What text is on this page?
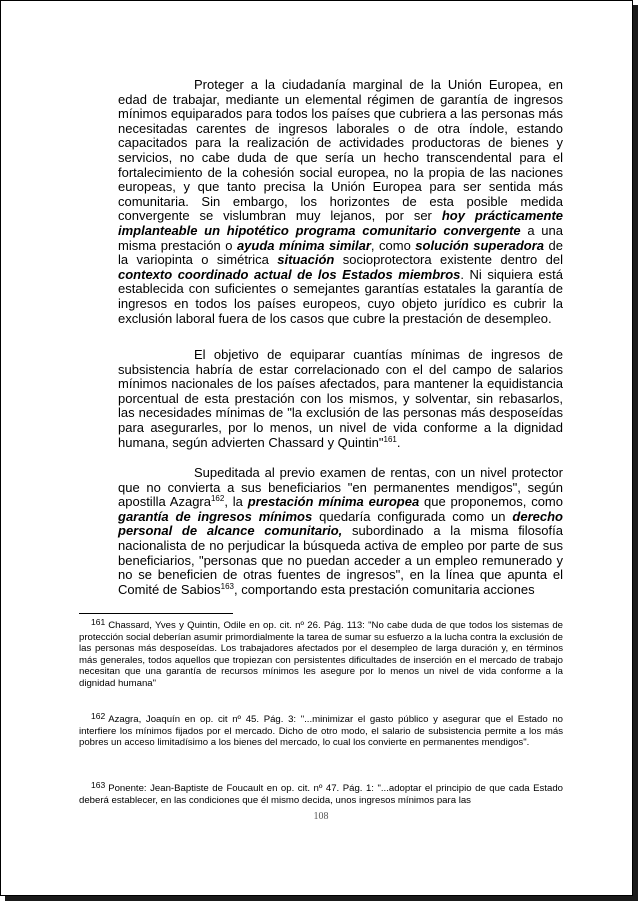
Proteger a la ciudadanía marginal de la Unión Europea, en edad de trabajar, mediante un elemental régimen de garantía de ingresos mínimos equiparados para todos los países que cubriera a las personas más necesitadas carentes de ingresos laborales o de otra índole, estando capacitados para la realización de actividades productoras de bienes y servicios, no cabe duda de que sería un hecho transcendental para el fortalecimiento de la cohesión social europea, no la propia de las naciones europeas, y que tanto precisa la Unión Europea para ser sentida más comunitaria. Sin embargo, los horizontes de esta posible medida convergente se vislumbran muy lejanos, por ser hoy prácticamente implanteable un hipotético programa comunitario convergente a una misma prestación o ayuda mínima similar, como solución superadora de la variopinta o simétrica situación socioprotectora existente dentro del contexto coordinado actual de los Estados miembros. Ni siquiera está establecida con suficientes o semejantes garantías estatales la garantía de ingresos en todos los países europeos, cuyo objeto jurídico es cubrir la exclusión laboral fuera de los casos que cubre la prestación de desempleo.

El objetivo de equiparar cuantías mínimas de ingresos de subsistencia habría de estar correlacionado con el del campo de salarios mínimos nacionales de los países afectados, para mantener la equidistancia porcentual de esta prestación con los mismos, y solventar, sin rebasarlos, las necesidades mínimas de "la exclusión de las personas más desposeídas para asegurarles, por lo menos, un nivel de vida conforme a la dignidad humana, según advierten Chassard y Quintin"$^{161}$.

Supeditada al previo examen de rentas, con un nivel protector que no convierta a sus beneficiarios "en permanentes mendigos", según apostilla Azagra$^{162}$, la prestación mínima europea que proponemos, como garantía de ingresos mínimos quedaría configurada como un derecho personal de alcance comunitario, subordinado a la misma filosofía nacionalista de no perjudicar la búsqueda activa de empleo por parte de sus beneficiarios, "personas que no puedan acceder a un empleo remunerado y no se beneficien de otras fuentes de ingresos", en la línea que apunta el Comité de Sabios$^{163}$, comportando esta prestación comunitaria acciones

$^{161}$ Chassard, Yves y Quintin, Odile en op. cit. nº 26. Pág. 113: "No cabe duda de que todos los sistemas de protección social deberían asumir primordialmente la tarea de sumar su esfuerzo a la lucha contra la exclusión de las personas más desposeídas. Los trabajadores afectados por el desempleo de larga duración y, en términos más generales, todos aquellos que tropiezan con persistentes dificultades de inserción en el mercado de trabajo necesitan que una garantía de recursos mínimos les asegure por lo menos un nivel de vida conforme a la dignidad humana"

$^{162}$ Azagra, Joaquín en op. cit nº 45. Pág. 3: "...minimizar el gasto público y asegurar que el Estado no interfiere los mínimos fijados por el mercado. Dicho de otro modo, el salario de subsistencia permite a los más pobres un acceso limitadísimo a los bienes del mercado, lo cual los convierte en permanentes mendigos".

$^{163}$ Ponente: Jean-Baptiste de Foucault en op. cit. nº 47. Pág. 1: "...adoptar el principio de que cada Estado deberá establecer, en las condiciones que él mismo decida, unos ingresos mínimos para las

108
